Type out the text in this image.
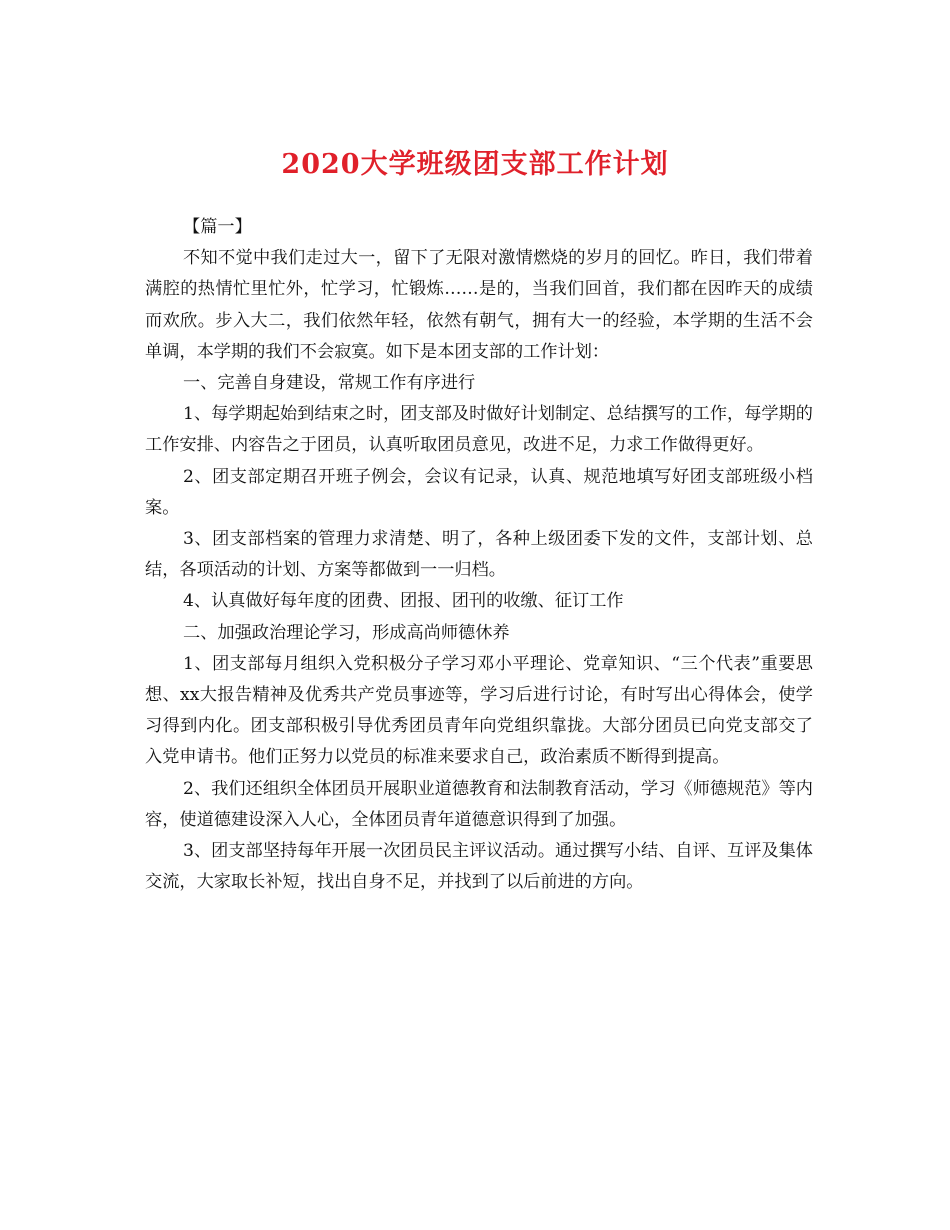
2020大学班级团支部工作计划

【篇一】

不知不觉中我们走过大一，留下了无限对激情燃烧的岁月的回忆。昨日，我们带着满腔的热情忙里忙外，忙学习，忙锻炼……是的，当我们回首，我们都在因昨天的成绩而欢欣。步入大二，我们依然年轻，依然有朝气，拥有大一的经验，本学期的生活不会单调，本学期的我们不会寂寞。如下是本团支部的工作计划：

一、完善自身建设，常规工作有序进行

1、每学期起始到结束之时，团支部及时做好计划制定、总结撰写的工作，每学期的工作安排、内容告之于团员，认真听取团员意见，改进不足，力求工作做得更好。

2、团支部定期召开班子例会，会议有记录，认真、规范地填写好团支部班级小档案。

3、团支部档案的管理力求清楚、明了，各种上级团委下发的文件，支部计划、总结，各项活动的计划、方案等都做到一一归档。

4、认真做好每年度的团费、团报、团刊的收缴、征订工作

二、加强政治理论学习，形成高尚师德休养

1、团支部每月组织入党积极分子学习邓小平理论、党章知识、“三个代表”重要思想、xx大报告精神及优秀共产党员事迹等，学习后进行讨论，有时写出心得体会，使学习得到内化。团支部积极引导优秀团员青年向党组织靠拢。大部分团员已向党支部交了入党申请书。他们正努力以党员的标准来要求自己，政治素质不断得到提高。

2、我们还组织全体团员开展职业道德教育和法制教育活动，学习《师德规范》等内容，使道德建设深入人心，全体团员青年道德意识得到了加强。

3、团支部坚持每年开展一次团员民主评议活动。通过撰写小结、自评、互评及集体交流，大家取长补短，找出自身不足，并找到了以后前进的方向。
